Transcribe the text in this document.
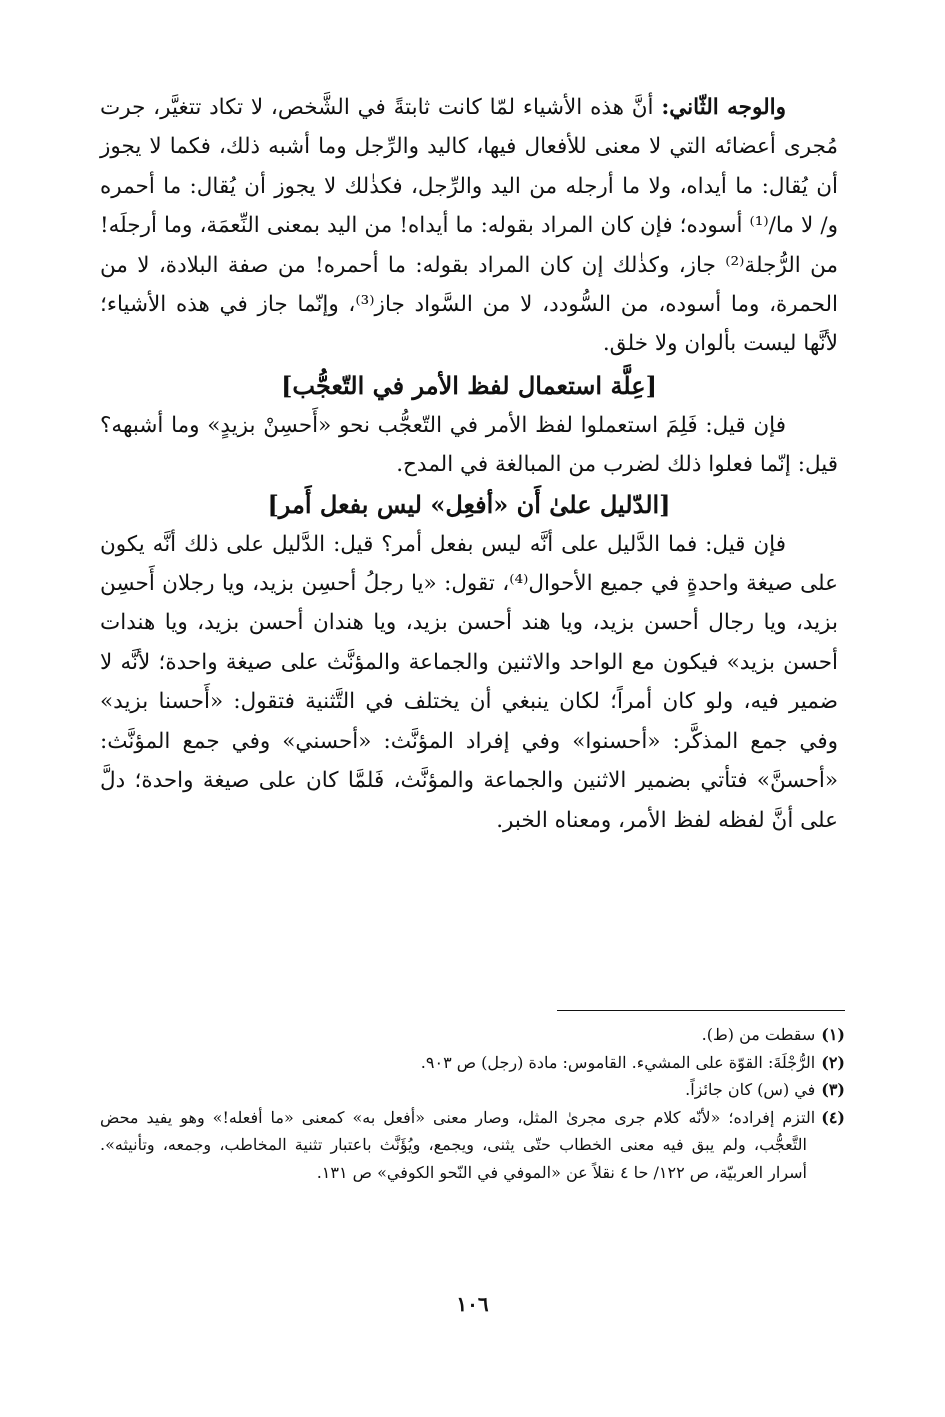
والوجه الثّاني: أنَّ هذه الأشياء لمّا كانت ثابتةً في الشَّخص، لا تكاد تتغيَّر، جرت مُجرى أعضائه التي لا معنى للأفعال فيها، كاليد والرِّجل وما أشبه ذلك، فكما لا يجوز أن يُقال: ما أيداه، ولا ما أرجله من اليد والرِّجل، فكذٰلك لا يجوز أن يُقال: ما أحمره و/ لا ما/⁽¹⁾ أسوده؛ فإن كان المراد بقوله: ما أيداه! من اليد بمعنى النِّعمَة، وما أرجلَه! من الرُّجلة⁽²⁾ جاز، وكذٰلك إن كان المراد بقوله: ما أحمره! من صفة البلادة، لا من الحمرة، وما أسوده، من السُّودد، لا من السَّواد جاز⁽³⁾، وإنّما جاز في هذه الأشياء؛ لأنَّها ليست بألوان ولا خلق.

[عِلَّة استعمال لفظ الأمر في التّعجُّب]

فإن قيل: فَلِمَ استعملوا لفظ الأمر في التّعجُّب نحو «أَحسِنْ بزيدٍ» وما أشبهه؟ قيل: إنّما فعلوا ذلك لضرب من المبالغة في المدح.

[الدّليل علىٰ أَن «أفعِل» ليس بفعل أَمر]

فإن قيل: فما الدَّليل على أنَّه ليس بفعل أمر؟ قيل: الدَّليل على ذلك أنَّه يكون على صيغة واحدةٍ في جميع الأحوال⁽⁴⁾، تقول: «يا رجلُ أحسِن بزيد، ويا رجلان أَحسِن بزيد، ويا رجال أحسن بزيد، ويا هند أحسن بزيد، ويا هندان أحسن بزيد، ويا هندات أحسن بزيد» فيكون مع الواحد والاثنين والجماعة والمؤنَّث على صيغة واحدة؛ لأنَّه لا ضمير فيه، ولو كان أمراً؛ لكان ينبغي أن يختلف في التَّثنية فتقول: «أَحسنا بزيد» وفي جمع المذكَّر: «أحسنوا» وفي إفراد المؤنَّث: «أحسني» وفي جمع المؤنَّث: «أحسنَّ» فتأتي بضمير الاثنين والجماعة والمؤنَّث، فَلمَّا كان على صيغة واحدة؛ دلَّ على أنَّ لفظه لفظ الأمر، ومعناه الخبر.

(١)سقطت من (ط).

(٢)الرُّجْلَةَ: القوّة على المشيء. القاموس: مادة (رجل) ص ٩٠٣.

(٣)في (س) كان جائزاً.

(٤)التزم إفراده؛ «لأنّه كلام جرى مجرىٰ المثل، وصار معنى «أفعل به» كمعنى «ما أفعله!» وهو يفيد محض التَّعجُّب، ولم يبق فيه معنى الخطاب حتّى يثنى، ويجمع، ويُؤَنَّث باعتبار تثنية المخاطب، وجمعه، وتأنيثه». أسرار العربيّة، ص ١٢٢/ حا ٤ نقلاً عن «الموفي في النّحو الكوفي» ص ١٣١.

١٠٦
